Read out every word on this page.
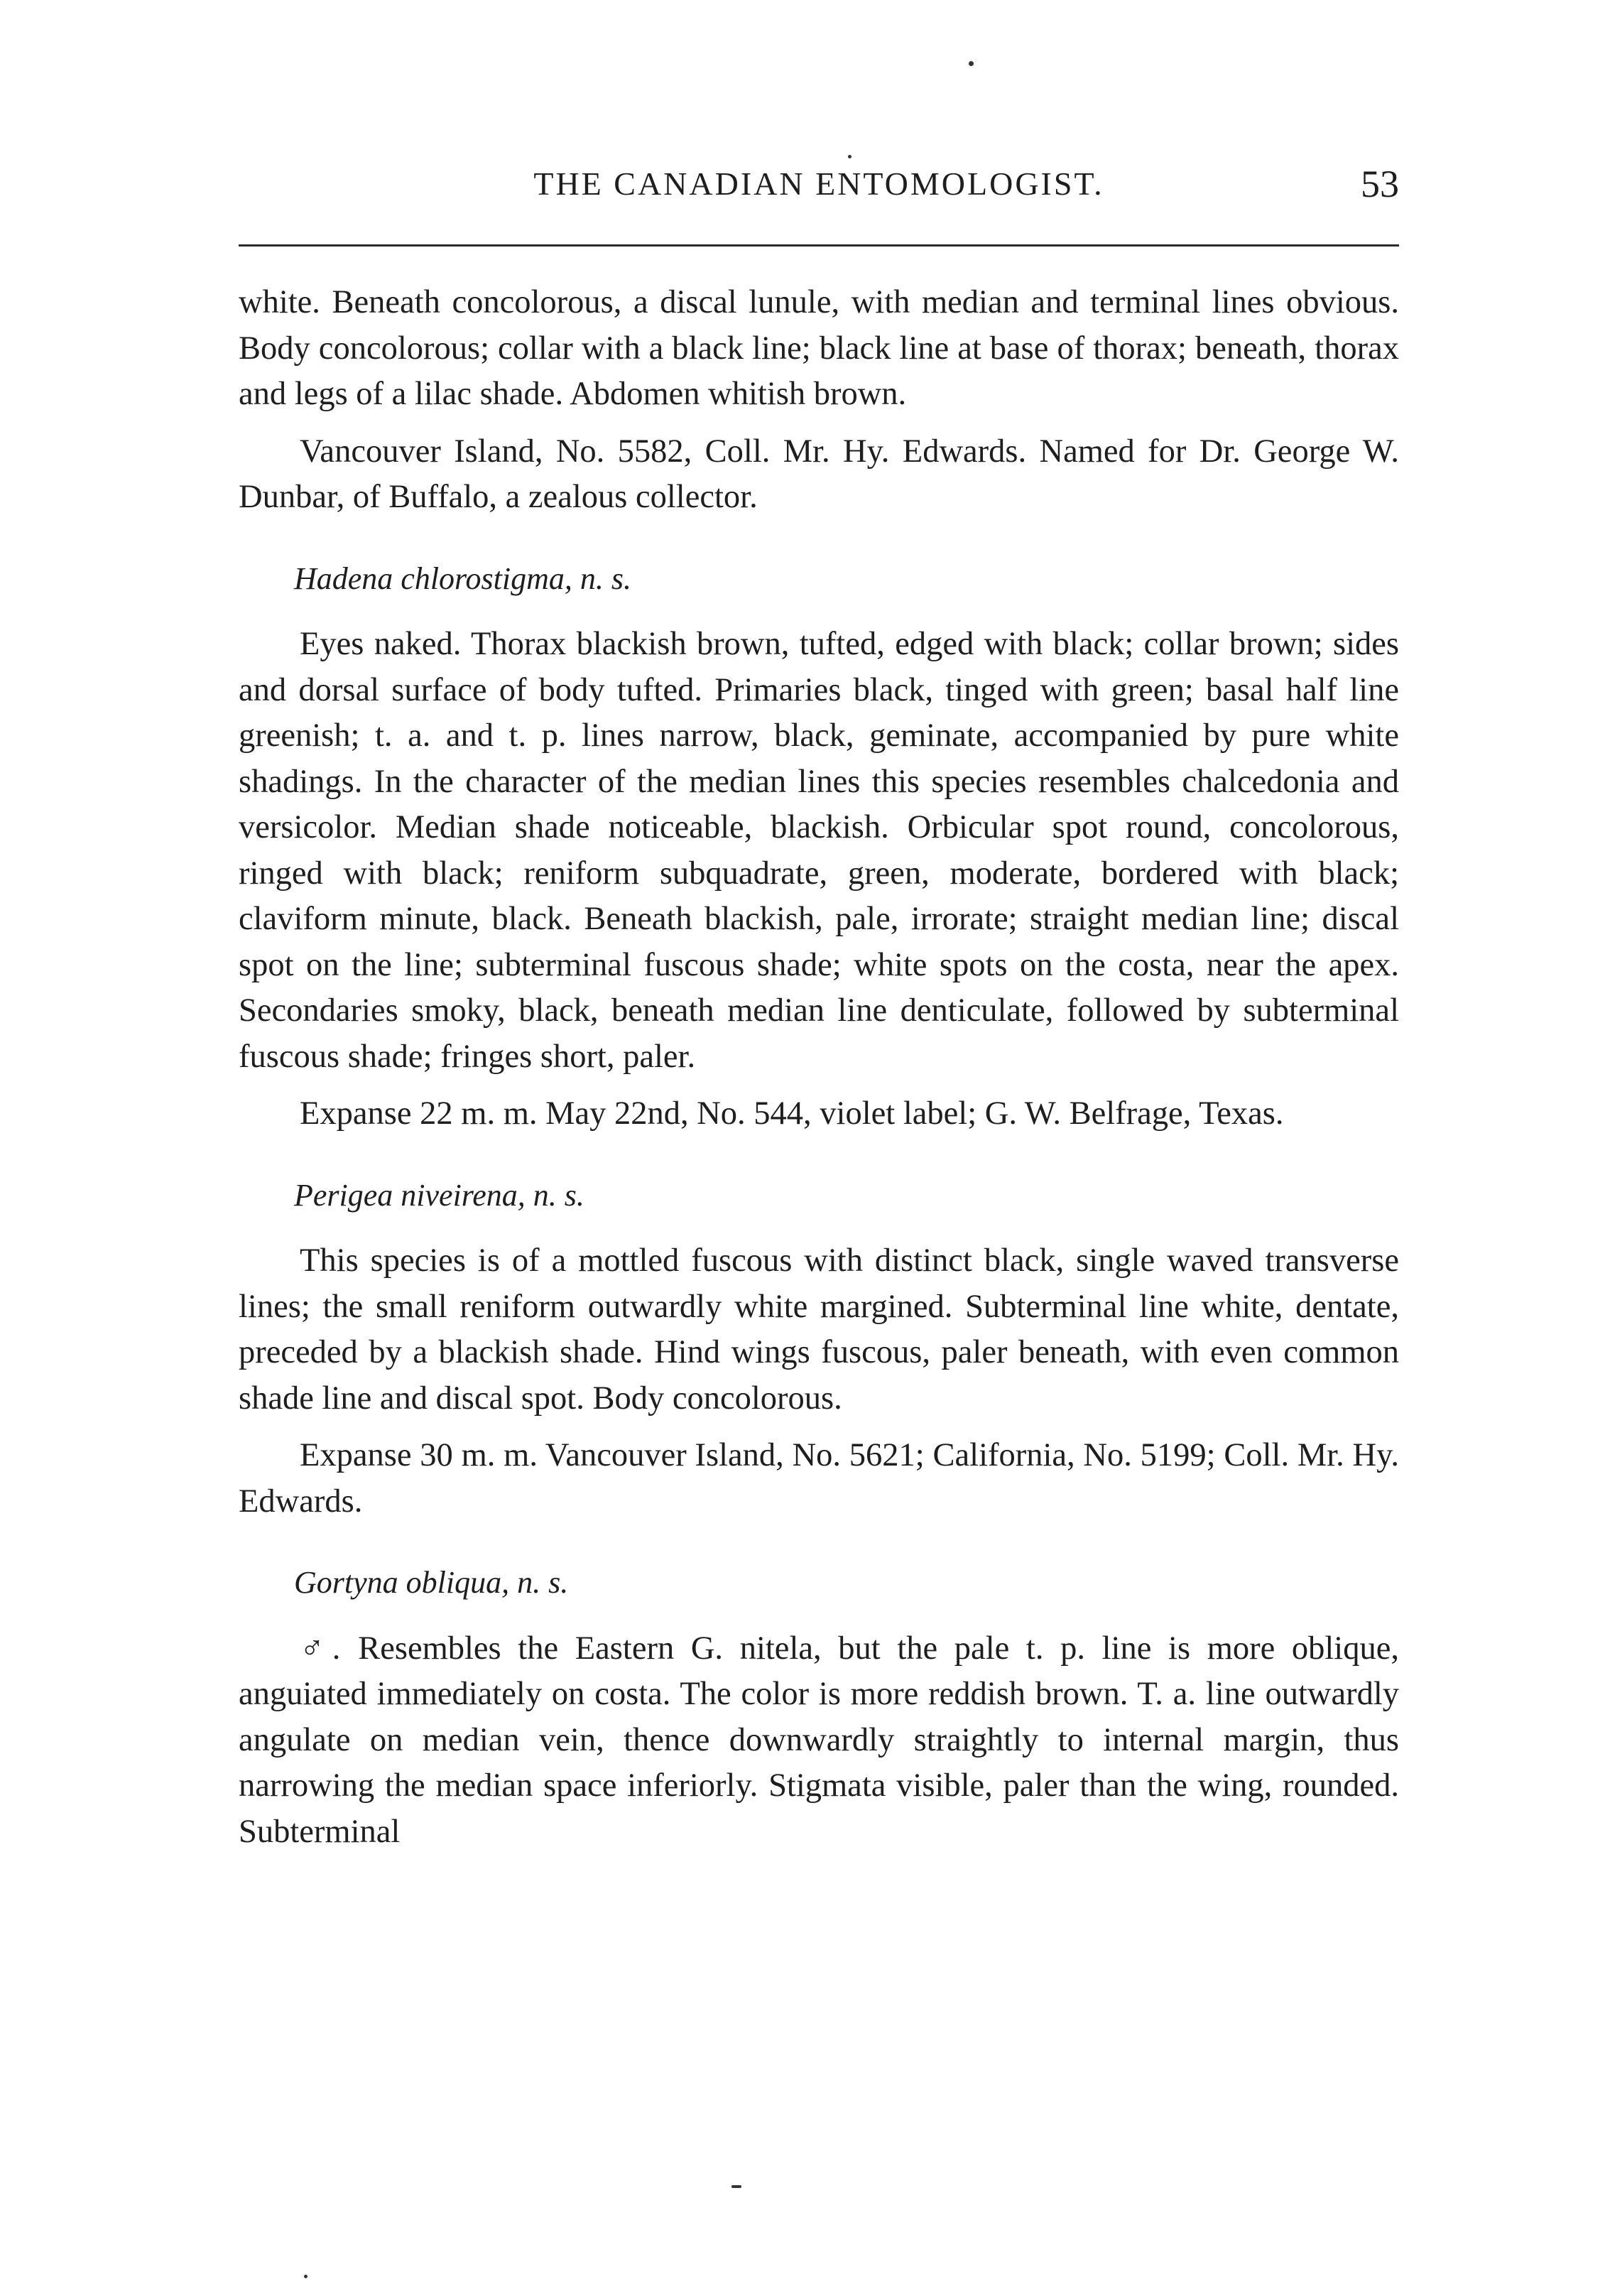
THE CANADIAN ENTOMOLOGIST.	53

white. Beneath concolorous, a discal lunule, with median and terminal lines obvious. Body concolorous; collar with a black line; black line at base of thorax; beneath, thorax and legs of a lilac shade. Abdomen whitish brown.

Vancouver Island, No. 5582, Coll. Mr. Hy. Edwards. Named for Dr. George W. Dunbar, of Buffalo, a zealous collector.

Hadena chlorostigma, n. s.

Eyes naked. Thorax blackish brown, tufted, edged with black; collar brown; sides and dorsal surface of body tufted. Primaries black, tinged with green; basal half line greenish; t. a. and t. p. lines narrow, black, geminate, accompanied by pure white shadings. In the character of the median lines this species resembles chalcedonia and versicolor. Median shade noticeable, blackish. Orbicular spot round, concolorous, ringed with black; reniform subquadrate, green, moderate, bordered with black; claviform minute, black. Beneath blackish, pale, irrorate; straight median line; discal spot on the line; subterminal fuscous shade; white spots on the costa, near the apex. Secondaries smoky, black, beneath median line denticulate, followed by subterminal fuscous shade; fringes short, paler.

Expanse 22 m. m. May 22nd, No. 544, violet label; G. W. Belfrage, Texas.

Perigea niveirena, n. s.

This species is of a mottled fuscous with distinct black, single waved transverse lines; the small reniform outwardly white margined. Subterminal line white, dentate, preceded by a blackish shade. Hind wings fuscous, paler beneath, with even common shade line and discal spot. Body concolorous.

Expanse 30 m. m. Vancouver Island, No. 5621; California, No. 5199; Coll. Mr. Hy. Edwards.

Gortyna obliqua, n. s.

♂. Resembles the Eastern G. nitela, but the pale t. p. line is more oblique, anguiated immediately on costa. The color is more reddish brown. T. a. line outwardly angulate on median vein, thence downwardly straightly to internal margin, thus narrowing the median space inferiorly. Stigmata visible, paler than the wing, rounded. Subterminal
